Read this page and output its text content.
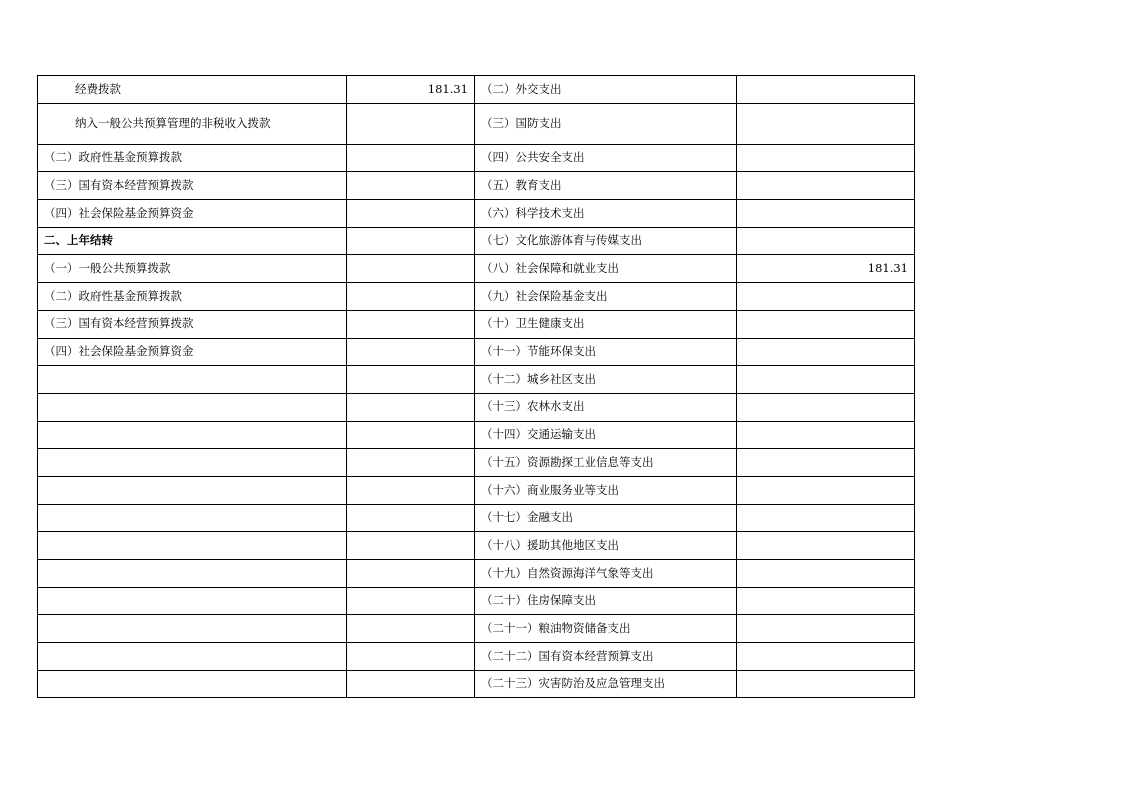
经费拨款	181.31	（二）外交支出	
纳入一般公共预算管理的非税收入拨款		（三）国防支出	
（二）政府性基金预算拨款		（四）公共安全支出	
（三）国有资本经营预算拨款		（五）教育支出	
（四）社会保险基金预算资金		（六）科学技术支出	
二、上年结转		（七）文化旅游体育与传媒支出	
（一）一般公共预算拨款		（八）社会保障和就业支出	181.31
（二）政府性基金预算拨款		（九）社会保险基金支出	
（三）国有资本经营预算拨款		（十）卫生健康支出	
（四）社会保险基金预算资金		（十一）节能环保支出	
		（十二）城乡社区支出	
		（十三）农林水支出	
		（十四）交通运输支出	
		（十五）资源勘探工业信息等支出	
		（十六）商业服务业等支出	
		（十七）金融支出	
		（十八）援助其他地区支出	
		（十九）自然资源海洋气象等支出	
		（二十）住房保障支出	
		（二十一）粮油物资储备支出	
		（二十二）国有资本经营预算支出	
		（二十三）灾害防治及应急管理支出	
